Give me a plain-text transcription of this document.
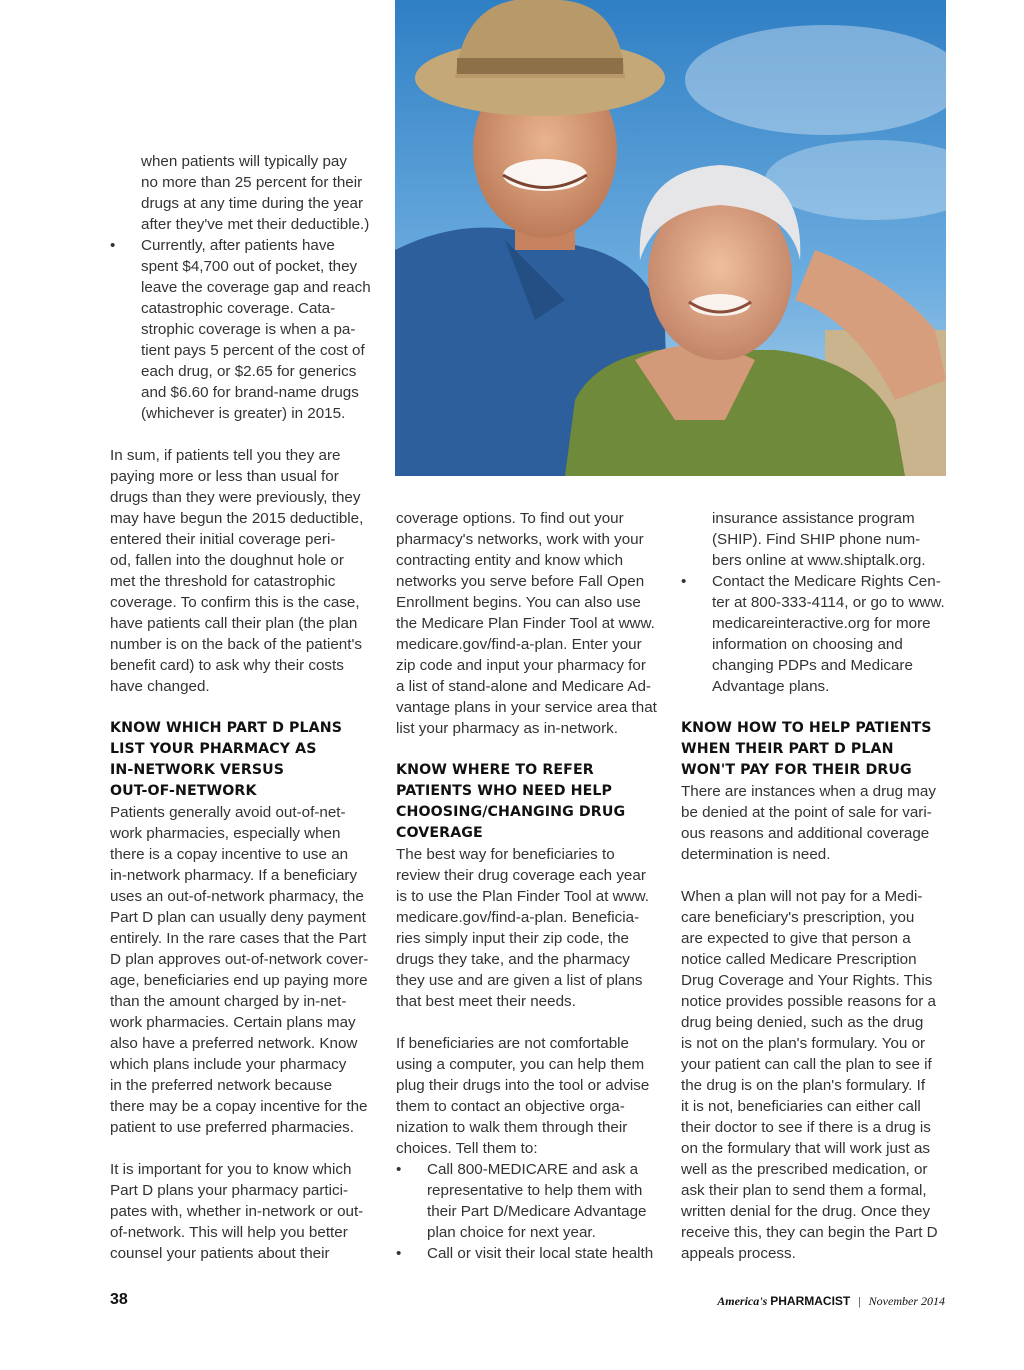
when patients will typically pay
no more than 25 percent for their
drugs at any time during the year
after they've met their deductible.)
• Currently, after patients have
spent $4,700 out of pocket, they
leave the coverage gap and reach
catastrophic coverage. Cata-
strophic coverage is when a pa-
tient pays 5 percent of the cost of
each drug, or $2.65 for generics
and $6.60 for brand-name drugs
(whichever is greater) in 2015.
In sum, if patients tell you they are
paying more or less than usual for
drugs than they were previously, they
may have begun the 2015 deductible,
entered their initial coverage peri-
od, fallen into the doughnut hole or
met the threshold for catastrophic
coverage. To confirm this is the case,
have patients call their plan (the plan
number is on the back of the patient's
benefit card) to ask why their costs
have changed.
KNOW WHICH PART D PLANS
LIST YOUR PHARMACY AS
IN-NETWORK VERSUS
OUT-OF-NETWORK
Patients generally avoid out-of-net-
work pharmacies, especially when
there is a copay incentive to use an
in-network pharmacy. If a beneficiary
uses an out-of-network pharmacy, the
Part D plan can usually deny payment
entirely. In the rare cases that the Part
D plan approves out-of-network cover-
age, beneficiaries end up paying more
than the amount charged by in-net-
work pharmacies. Certain plans may
also have a preferred network. Know
which plans include your pharmacy
in the preferred network because
there may be a copay incentive for the
patient to use preferred pharmacies.
It is important for you to know which
Part D plans your pharmacy partici-
pates with, whether in-network or out-
of-network. This will help you better
counsel your patients about their
coverage options. To find out your
pharmacy's networks, work with your
contracting entity and know which
networks you serve before Fall Open
Enrollment begins. You can also use
the Medicare Plan Finder Tool at www.
medicare.gov/find-a-plan. Enter your
zip code and input your pharmacy for
a list of stand-alone and Medicare Ad-
vantage plans in your service area that
list your pharmacy as in-network.
KNOW WHERE TO REFER
PATIENTS WHO NEED HELP
CHOOSING/CHANGING DRUG
COVERAGE
The best way for beneficiaries to
review their drug coverage each year
is to use the Plan Finder Tool at www.
medicare.gov/find-a-plan. Beneficia-
ries simply input their zip code, the
drugs they take, and the pharmacy
they use and are given a list of plans
that best meet their needs.
If beneficiaries are not comfortable
using a computer, you can help them
plug their drugs into the tool or advise
them to contact an objective orga-
nization to walk them through their
choices. Tell them to:
• Call 800-MEDICARE and ask a
representative to help them with
their Part D/Medicare Advantage
plan choice for next year.
• Call or visit their local state health
insurance assistance program
(SHIP). Find SHIP phone num-
bers online at www.shiptalk.org.
• Contact the Medicare Rights Cen-
ter at 800-333-4114, or go to www.
medicareinteractive.org for more
information on choosing and
changing PDPs and Medicare
Advantage plans.
KNOW HOW TO HELP PATIENTS
WHEN THEIR PART D PLAN
WON'T PAY FOR THEIR DRUG
There are instances when a drug may
be denied at the point of sale for vari-
ous reasons and additional coverage
determination is need.
When a plan will not pay for a Medi-
care beneficiary's prescription, you
are expected to give that person a
notice called Medicare Prescription
Drug Coverage and Your Rights. This
notice provides possible reasons for a
drug being denied, such as the drug
is not on the plan's formulary. You or
your patient can call the plan to see if
the drug is on the plan's formulary. If
it is not, beneficiaries can either call
their doctor to see if there is a drug is
on the formulary that will work just as
well as the prescribed medication, or
ask their plan to send them a formal,
written denial for the drug. Once they
receive this, they can begin the Part D
appeals process.
38	America's PHARMACIST | November 2014
